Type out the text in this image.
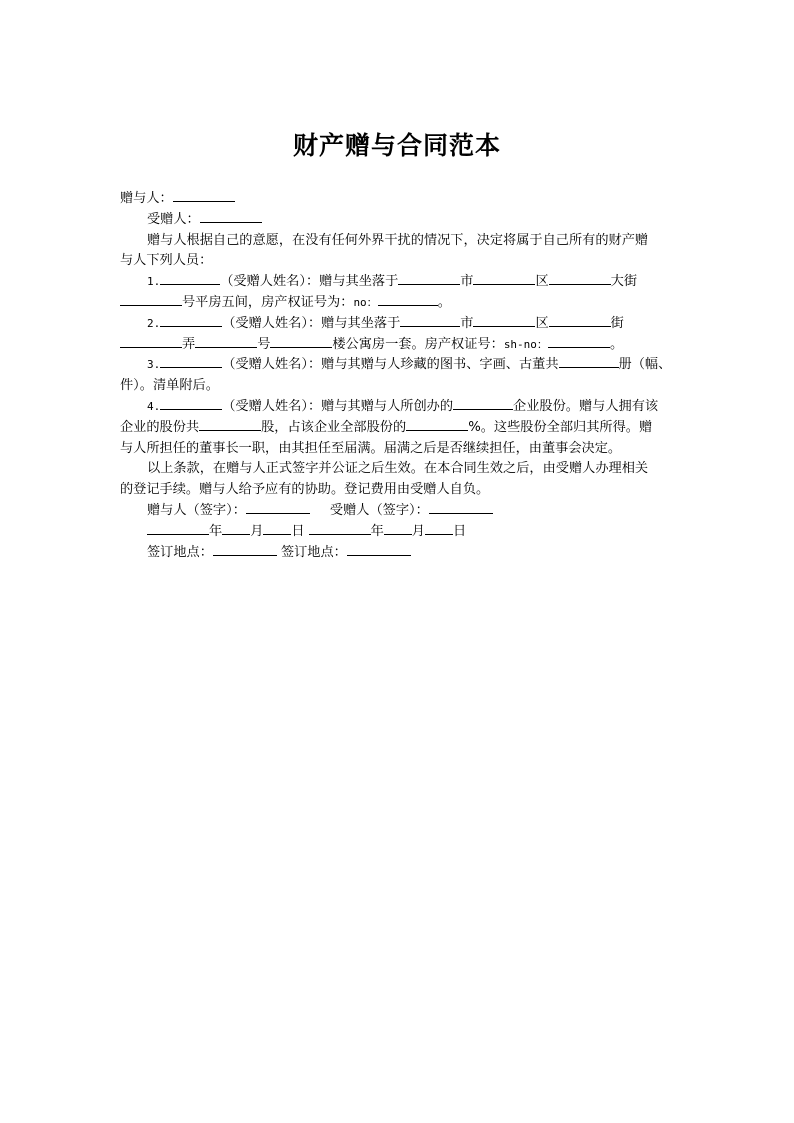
财产赠与合同范本
赠与人：
受赠人：
赠与人根据自己的意愿，在没有任何外界干扰的情况下，决定将属于自己所有的财产赠
与人下列人员：
1.	（受赠人姓名）：赠与其坐落于	市	区	大街
号平房五间，房产权证号为：no：	。
2.	（受赠人姓名）：赠与其坐落于	市	区	街
弄	号	楼公寓房一套。房产权证号：sh-no：	。
3.	（受赠人姓名）：赠与其赠与人珍藏的图书、字画、古董共	册（幅、
件）。清单附后。
4.	（受赠人姓名）：赠与其赠与人所创办的	企业股份。赠与人拥有该
企业的股份共	股，占该企业全部股份的	%。这些股份全部归其所得。赠
与人所担任的董事长一职，由其担任至届满。届满之后是否继续担任，由董事会决定。
以上条款，在赠与人正式签字并公证之后生效。在本合同生效之后，由受赠人办理相关
的登记手续。赠与人给予应有的协助。登记费用由受赠人自负。
赠与人（签字）：	受赠人（签字）：
年 月 日	年 月 日
签订地点：	签订地点：
